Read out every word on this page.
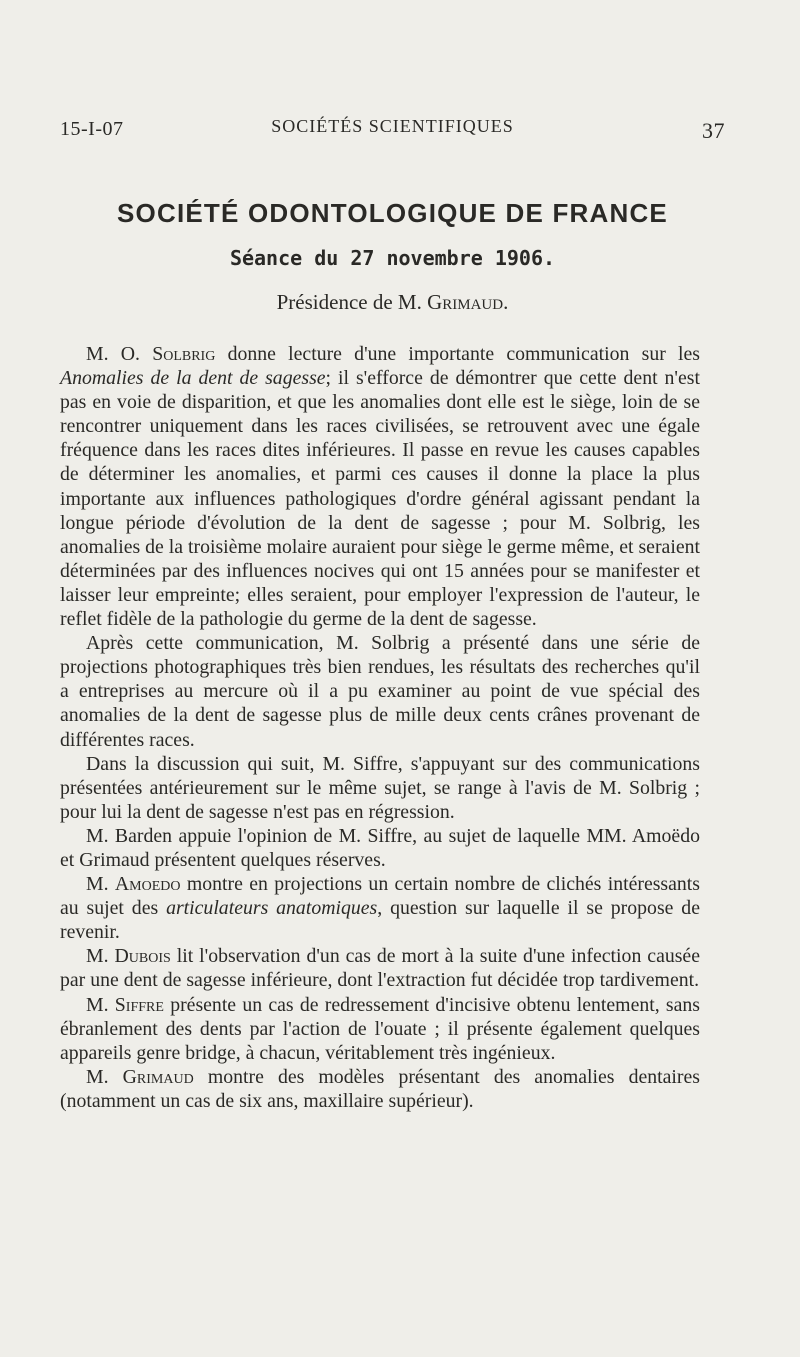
15-I-07	SOCIÉTÉS SCIENTIFIQUES	37
SOCIÉTÉ ODONTOLOGIQUE DE FRANCE
Séance du 27 novembre 1906.
Présidence de M. Grimaud.

M. O. Solbrig donne lecture d'une importante communication sur les Anomalies de la dent de sagesse; il s'efforce de démontrer que cette dent n'est pas en voie de disparition, et que les anomalies dont elle est le siège, loin de se rencontrer uniquement dans les races civilisées, se retrouvent avec une égale fréquence dans les races dites inférieures. Il passe en revue les causes capables de déterminer les anomalies, et parmi ces causes il donne la place la plus importante aux influences pathologiques d'ordre général agissant pendant la longue période d'évolution de la dent de sagesse ; pour M. Solbrig, les anomalies de la troisième molaire auraient pour siège le germe même, et seraient déterminées par des influences nocives qui ont 15 années pour se manifester et laisser leur empreinte; elles seraient, pour employer l'expression de l'auteur, le reflet fidèle de la pathologie du germe de la dent de sagesse.

Après cette communication, M. Solbrig a présenté dans une série de projections photographiques très bien rendues, les résultats des recherches qu'il a entreprises au mercure où il a pu examiner au point de vue spécial des anomalies de la dent de sagesse plus de mille deux cents crânes provenant de différentes races.

Dans la discussion qui suit, M. Siffre, s'appuyant sur des communications présentées antérieurement sur le même sujet, se range à l'avis de M. Solbrig ; pour lui la dent de sagesse n'est pas en régression.

M. Barden appuie l'opinion de M. Siffre, au sujet de laquelle MM. Amoëdo et Grimaud présentent quelques réserves.

M. Amoedo montre en projections un certain nombre de clichés intéressants au sujet des articulateurs anatomiques, question sur laquelle il se propose de revenir.

M. Dubois lit l'observation d'un cas de mort à la suite d'une infection causée par une dent de sagesse inférieure, dont l'extraction fut décidée trop tardivement.

M. Siffre présente un cas de redressement d'incisive obtenu lentement, sans ébranlement des dents par l'action de l'ouate ; il présente également quelques appareils genre bridge, à chacun, véritablement très ingénieux.

M. Grimaud montre des modèles présentant des anomalies dentaires (notamment un cas de six ans, maxillaire supérieur).
